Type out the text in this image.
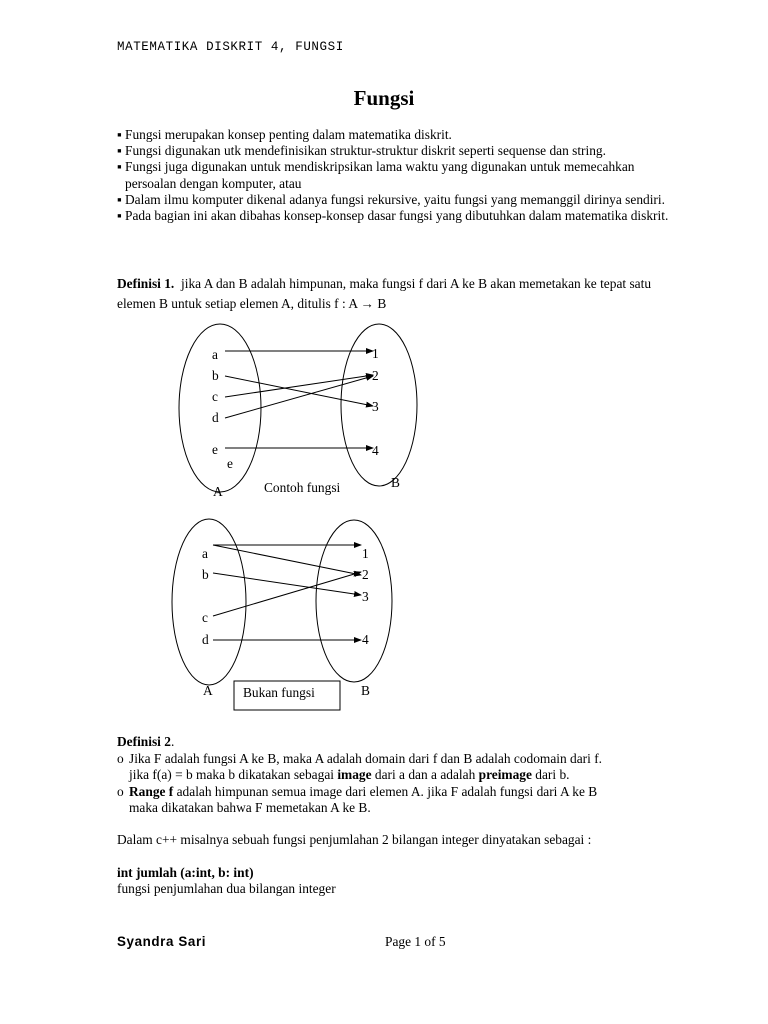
MATEMATIKA DISKRIT 4, FUNGSI
Fungsi
▪ Fungsi merupakan konsep penting dalam matematika diskrit.
▪ Fungsi digunakan utk mendefinisikan struktur-struktur diskrit seperti sequense dan string.
▪ Fungsi juga digunakan untuk mendiskripsikan lama waktu yang digunakan untuk memecahkan persoalan dengan komputer, atau
▪ Dalam ilmu komputer dikenal adanya fungsi rekursive, yaitu fungsi yang memanggil dirinya sendiri.
▪ Pada bagian ini akan dibahas konsep-konsep dasar fungsi yang dibutuhkan dalam matematika diskrit.
Definisi 1. jika A dan B adalah himpunan, maka fungsi f dari A ke B akan memetakan ke tepat satu elemen B untuk setiap elemen A, ditulis f : A → B
a
b
c
d
e
e
1
2
3
4
A
B
Contoh fungsi
a
b
c
d
1
2
3
4
A	B
Bukan fungsi
Definisi 2.
o Jika F adalah fungsi A ke B, maka A adalah domain dari f dan B adalah codomain dari f.
jika f(a) = b maka b dikatakan sebagai image dari a dan a adalah preimage dari b.
o Range f adalah himpunan semua image dari elemen A. jika F adalah fungsi dari A ke B
maka dikatakan bahwa F memetakan A ke B.
Dalam c++ misalnya sebuah fungsi penjumlahan 2 bilangan integer dinyatakan sebagai :
int jumlah (a:int, b: int)
fungsi penjumlahan dua bilangan integer
Syandra Sari	Page 1 of 5
